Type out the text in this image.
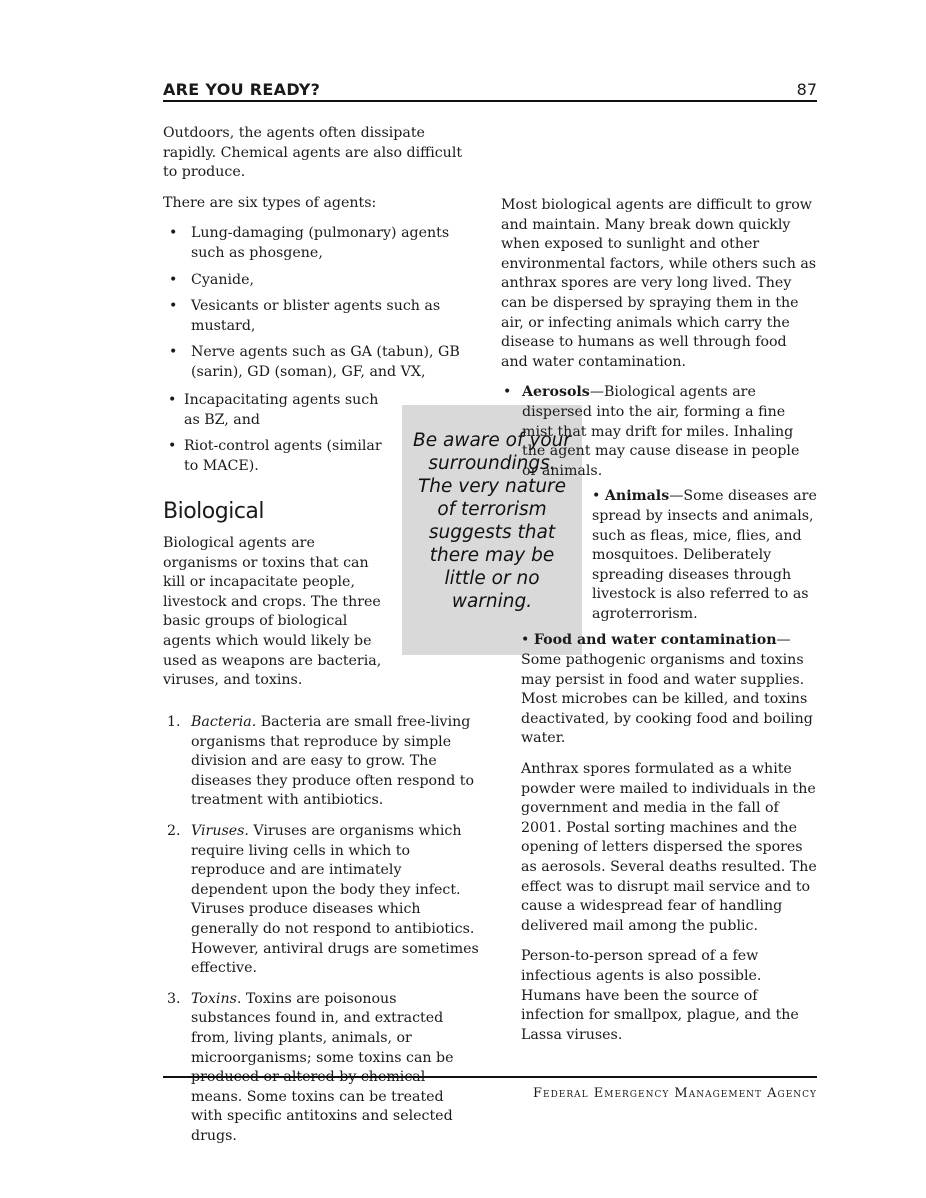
ARE YOU READY?	87

Outdoors, the agents often dissipate rapidly. Chemical agents are also difficult to produce.

There are six types of agents:

• Lung-damaging (pulmonary) agents such as phosgene,
• Cyanide,
• Vesicants or blister agents such as mustard,
• Nerve agents such as GA (tabun), GB (sarin), GD (soman), GF, and VX,
• Incapacitating agents such as BZ, and
• Riot-control agents (similar to MACE).
Biological

Biological agents are organisms or toxins that can kill or incapacitate people, livestock and crops. The three basic groups of biological agents which would likely be used as weapons are bacteria, viruses, and toxins.

1. Bacteria. Bacteria are small free-living organisms that reproduce by simple division and are easy to grow. The diseases they produce often respond to treatment with antibiotics.
2. Viruses. Viruses are organisms which require living cells in which to reproduce and are intimately dependent upon the body they infect. Viruses produce diseases which generally do not respond to antibiotics. However, antiviral drugs are sometimes effective.
3. Toxins. Toxins are poisonous substances found in, and extracted from, living plants, animals, or microorganisms; some toxins can be produced or altered by chemical means. Some toxins can be treated with specific antitoxins and selected drugs.
Be aware of your surroundings. The very nature of terrorism suggests that there may be little or no warning.

Most biological agents are difficult to grow and maintain. Many break down quickly when exposed to sunlight and other environmental factors, while others such as anthrax spores are very long lived. They can be dispersed by spraying them in the air, or infecting animals which carry the disease to humans as well through food and water contamination.

• Aerosols—Biological agents are dispersed into the air, forming a fine mist that may drift for miles. Inhaling the agent may cause disease in people or animals.

• Animals—Some diseases are spread by insects and animals, such as fleas, mice, flies, and mosquitoes. Deliberately spreading diseases through livestock is also referred to as agroterrorism.

• Food and water contamination—Some pathogenic organisms and toxins may persist in food and water supplies. Most microbes can be killed, and toxins deactivated, by cooking food and boiling water.

Anthrax spores formulated as a white powder were mailed to individuals in the government and media in the fall of 2001. Postal sorting machines and the opening of letters dispersed the spores as aerosols. Several deaths resulted. The effect was to disrupt mail service and to cause a widespread fear of handling delivered mail among the public.

Person-to-person spread of a few infectious agents is also possible. Humans have been the source of infection for smallpox, plague, and the Lassa viruses.

Federal Emergency Management Agency
